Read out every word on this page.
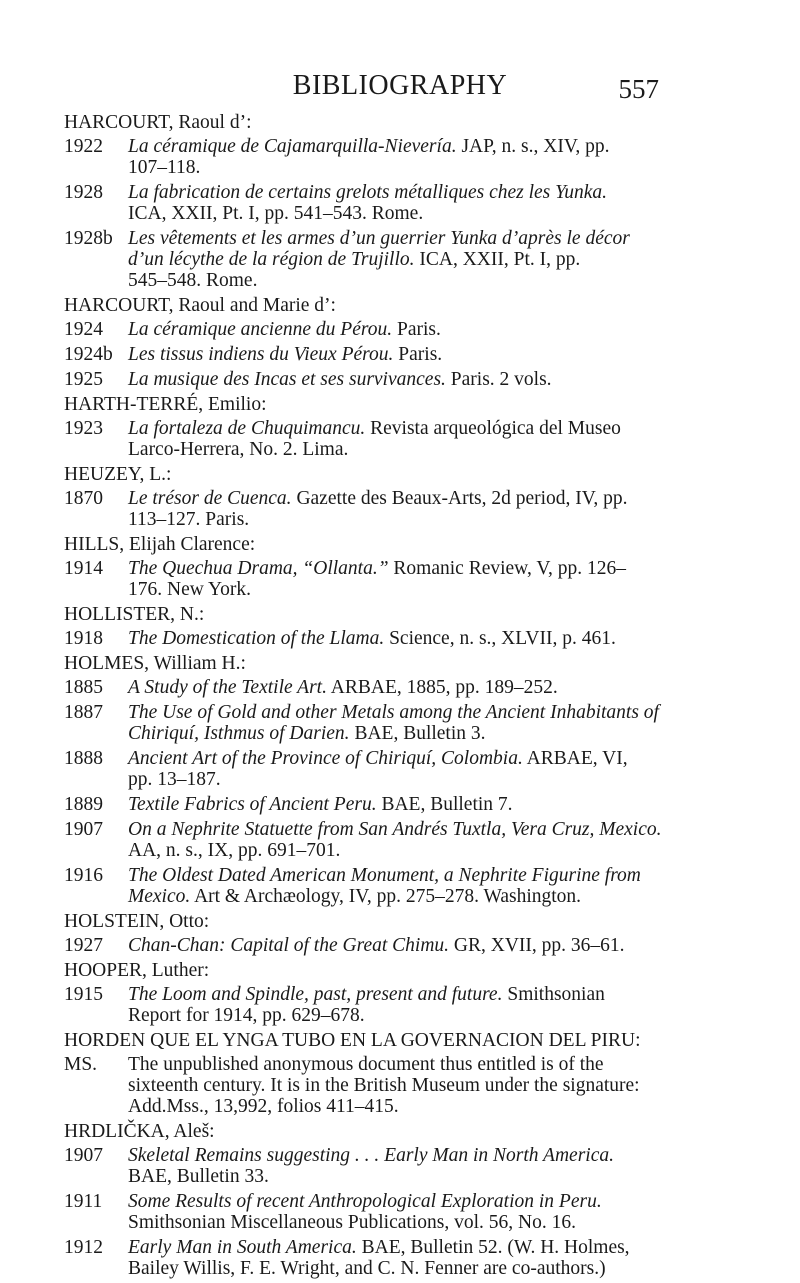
BIBLIOGRAPHY	557
HARCOURT, Raoul d’:
1922 La céramique de Cajamarquilla-Nievería. JAP, n. s., XIV, pp.
107–118.
1928 La fabrication de certains grelots métalliques chez les Yunka.
ICA, XXII, Pt. I, pp. 541–543. Rome.
1928b Les vêtements et les armes d’un guerrier Yunka d’après le décor d’un lécythe de la région de Trujillo. ICA, XXII, Pt. I, pp.
545–548. Rome.
HARCOURT, Raoul and Marie d’:
1924 La céramique ancienne du Pérou. Paris.
1924b Les tissus indiens du Vieux Pérou. Paris.
1925 La musique des Incas et ses survivances. Paris. 2 vols.
HARTH-TERRÉ, Emilio:
1923 La fortaleza de Chuquimancu. Revista arqueológica del Museo
Larco-Herrera, No. 2. Lima.
HEUZEY, L.:
1870 Le trésor de Cuenca. Gazette des Beaux-Arts, 2d period, IV, pp.
113–127. Paris.
HILLS, Elijah Clarence:
1914 The Quechua Drama, “Ollanta.” Romanic Review, V, pp. 126–
176. New York.
HOLLISTER, N.:
1918 The Domestication of the Llama. Science, n. s., XLVII, p. 461.
HOLMES, William H.:
1885 A Study of the Textile Art. ARBAE, 1885, pp. 189–252.
1887 The Use of Gold and other Metals among the Ancient Inhabitants of Chiriquí, Isthmus of Darien. BAE, Bulletin 3.
1888 Ancient Art of the Province of Chiriquí, Colombia. ARBAE, VI,
pp. 13–187.
1889 Textile Fabrics of Ancient Peru. BAE, Bulletin 7.
1907 On a Nephrite Statuette from San Andrés Tuxtla, Vera Cruz, Mexico. AA, n. s., IX, pp. 691–701.
1916 The Oldest Dated American Monument, a Nephrite Figurine from Mexico. Art & Archæology, IV, pp. 275–278. Washington.
HOLSTEIN, Otto:
1927 Chan-Chan: Capital of the Great Chimu. GR, XVII, pp. 36–61.
HOOPER, Luther:
1915 The Loom and Spindle, past, present and future. Smithsonian
Report for 1914, pp. 629–678.
HORDEN QUE EL YNGA TUBO EN LA GOVERNACION DEL PIRU:
MS. The unpublished anonymous document thus entitled is of the sixteenth century. It is in the British Museum under the signature: Add.Mss., 13,992, folios 411–415.
HRDLIČKA, Aleš:
1907 Skeletal Remains suggesting . . . Early Man in North America.
BAE, Bulletin 33.
1911 Some Results of recent Anthropological Exploration in Peru.
Smithsonian Miscellaneous Publications, vol. 56, No. 16.
1912 Early Man in South America. BAE, Bulletin 52. (W. H. Holmes, Bailey Willis, F. E. Wright, and C. N. Fenner are co-authors.)
